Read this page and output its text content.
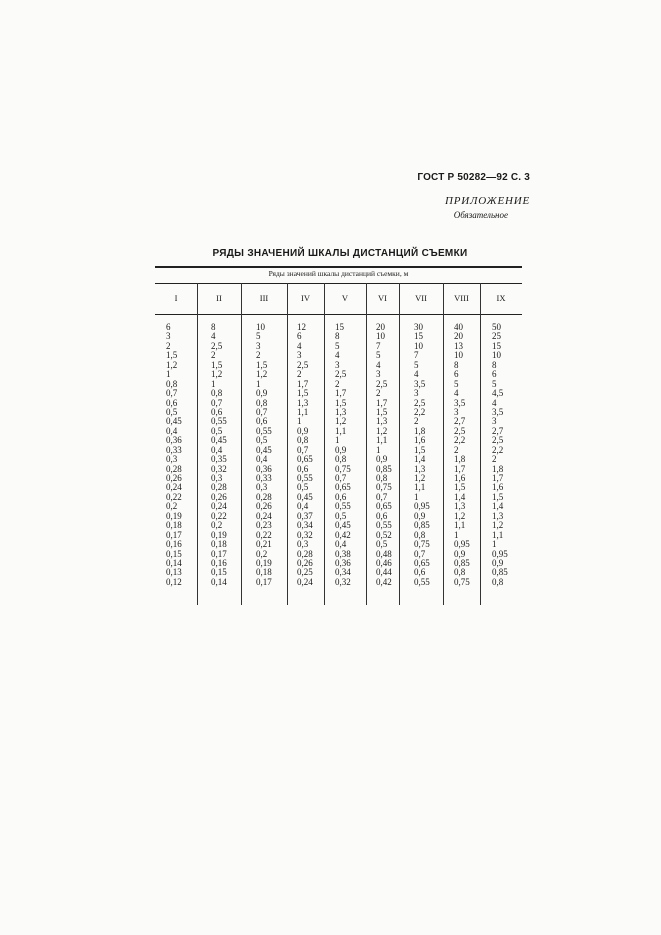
ГОСТ Р 50282—92 С. 3
ПРИЛОЖЕНИЕ
Обязательное
РЯДЫ ЗНАЧЕНИЙ ШКАЛЫ ДИСТАНЦИЙ СЪЕМКИ
Ряды значений шкалы дистанций съемки, м
I
6
3
2
1,5
1,2
1
0,8
0,7
0,6
0,5
0,45
0,4
0,36
0,33
0,3
0,28
0,26
0,24
0,22
0,2
0,19
0,18
0,17
0,16
0,15
0,14
0,13
0,12
II
8
4
2,5
2
1,5
1,2
1
0,8
0,7
0,6
0,55
0,5
0,45
0,4
0,35
0,32
0,3
0,28
0,26
0,24
0,22
0,2
0,19
0,18
0,17
0,16
0,15
0,14
III
10
5
3
2
1,5
1,2
1
0,9
0,8
0,7
0,6
0,55
0,5
0,45
0,4
0,36
0,33
0,3
0,28
0,26
0,24
0,23
0,22
0,21
0,2
0,19
0,18
0,17
IV
12
6
4
3
2,5
2
1,7
1,5
1,3
1,1
1
0,9
0,8
0,7
0,65
0,6
0,55
0,5
0,45
0,4
0,37
0,34
0,32
0,3
0,28
0,26
0,25
0,24
V
15
8
5
4
3
2,5
2
1,7
1,5
1,3
1,2
1,1
1
0,9
0,8
0,75
0,7
0,65
0,6
0,55
0,5
0,45
0,42
0,4
0,38
0,36
0,34
0,32
VI
20
10
7
5
4
3
2,5
2
1,7
1,5
1,3
1,2
1,1
1
0,9
0,85
0,8
0,75
0,7
0,65
0,6
0,55
0,52
0,5
0,48
0,46
0,44
0,42
VII
30
15
10
7
5
4
3,5
3
2,5
2,2
2
1,8
1,6
1,5
1,4
1,3
1,2
1,1
1
0,95
0,9
0,85
0,8
0,75
0,7
0,65
0,6
0,55
VIII
40
20
13
10
8
6
5
4
3,5
3
2,7
2,5
2,2
2
1,8
1,7
1,6
1,5
1,4
1,3
1,2
1,1
1
0,95
0,9
0,85
0,8
0,75
IX
50
25
15
10
8
6
5
4,5
4
3,5
3
2,7
2,5
2,2
2
1,8
1,7
1,6
1,5
1,4
1,3
1,2
1,1
1
0,95
0,9
0,85
0,8
